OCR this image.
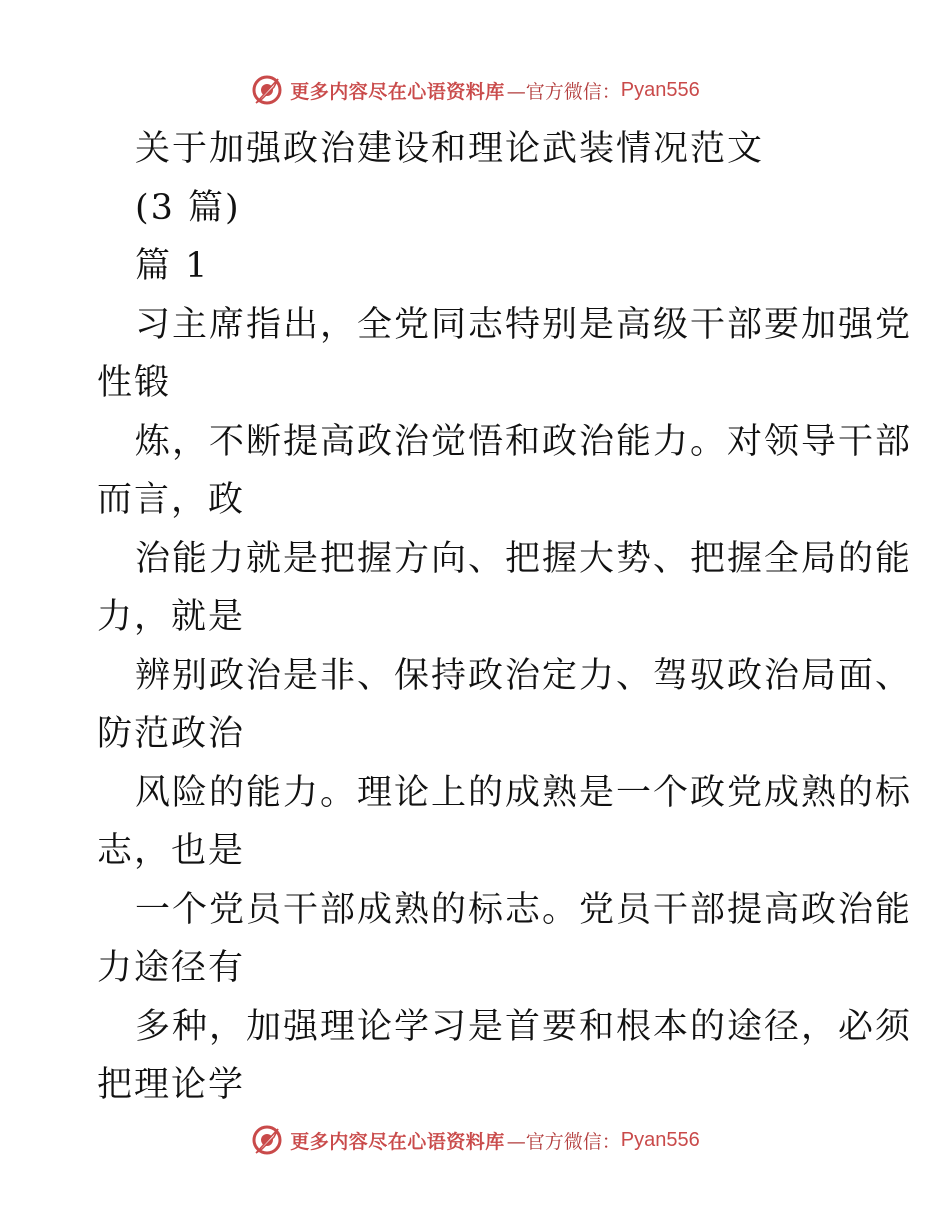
更多内容尽在心语资料库 —官方微信： Pyan556
关于加强政治建设和理论武装情况范文
(3 篇)
篇 1
习主席指出，全党同志特别是高级干部要加强党
性锻
炼，不断提高政治觉悟和政治能力。对领导干部
而言，政
治能力就是把握方向、把握大势、把握全局的能
力，就是
辨别政治是非、保持政治定力、驾驭政治局面、
防范政治
风险的能力。理论上的成熟是一个政党成熟的标
志，也是
一个党员干部成熟的标志。党员干部提高政治能
力途径有
多种，加强理论学习是首要和根本的途径，必须
把理论学
更多内容尽在心语资料库 —官方微信： Pyan556
